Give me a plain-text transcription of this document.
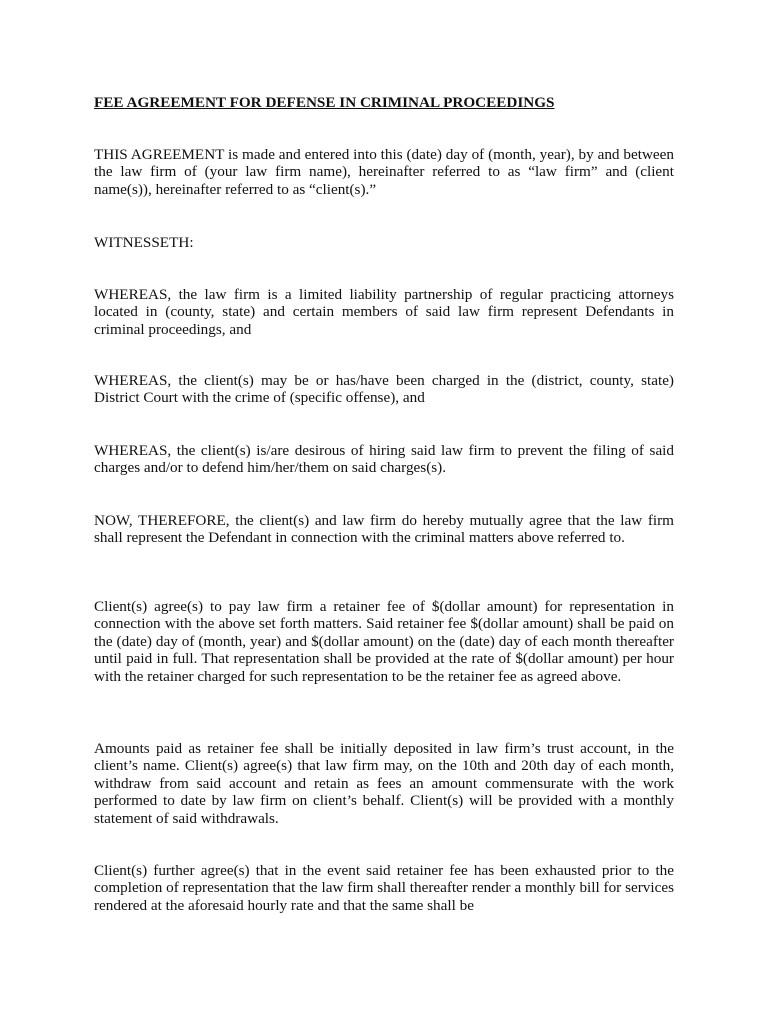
FEE AGREEMENT FOR DEFENSE IN CRIMINAL PROCEEDINGS

THIS AGREEMENT is made and entered into this (date) day of (month, year), by and between the law firm of (your law firm name), hereinafter referred to as “law firm” and (client name(s)), hereinafter referred to as “client(s).”

WITNESSETH:

WHEREAS, the law firm is a limited liability partnership of regular practicing attorneys located in (county, state) and certain members of said law firm represent Defendants in criminal proceedings, and

WHEREAS, the client(s) may be or has/have been charged in the (district, county, state) District Court with the crime of (specific offense), and

WHEREAS, the client(s) is/are desirous of hiring said law firm to prevent the filing of said charges and/or to defend him/her/them on said charges(s).

NOW, THEREFORE, the client(s) and law firm do hereby mutually agree that the law firm shall represent the Defendant in connection with the criminal matters above referred to.

Client(s) agree(s) to pay law firm a retainer fee of $(dollar amount) for representation in connection with the above set forth matters. Said retainer fee $(dollar amount) shall be paid on the (date) day of (month, year) and $(dollar amount) on the (date) day of each month thereafter until paid in full. That representation shall be provided at the rate of $(dollar amount) per hour with the retainer charged for such representation to be the retainer fee as agreed above.

Amounts paid as retainer fee shall be initially deposited in law firm’s trust account, in the client’s name. Client(s) agree(s) that law firm may, on the 10th and 20th day of each month, withdraw from said account and retain as fees an amount commensurate with the work performed to date by law firm on client’s behalf. Client(s) will be provided with a monthly statement of said withdrawals.

Client(s) further agree(s) that in the event said retainer fee has been exhausted prior to the completion of representation that the law firm shall thereafter render a monthly bill for services rendered at the aforesaid hourly rate and that the same shall be
